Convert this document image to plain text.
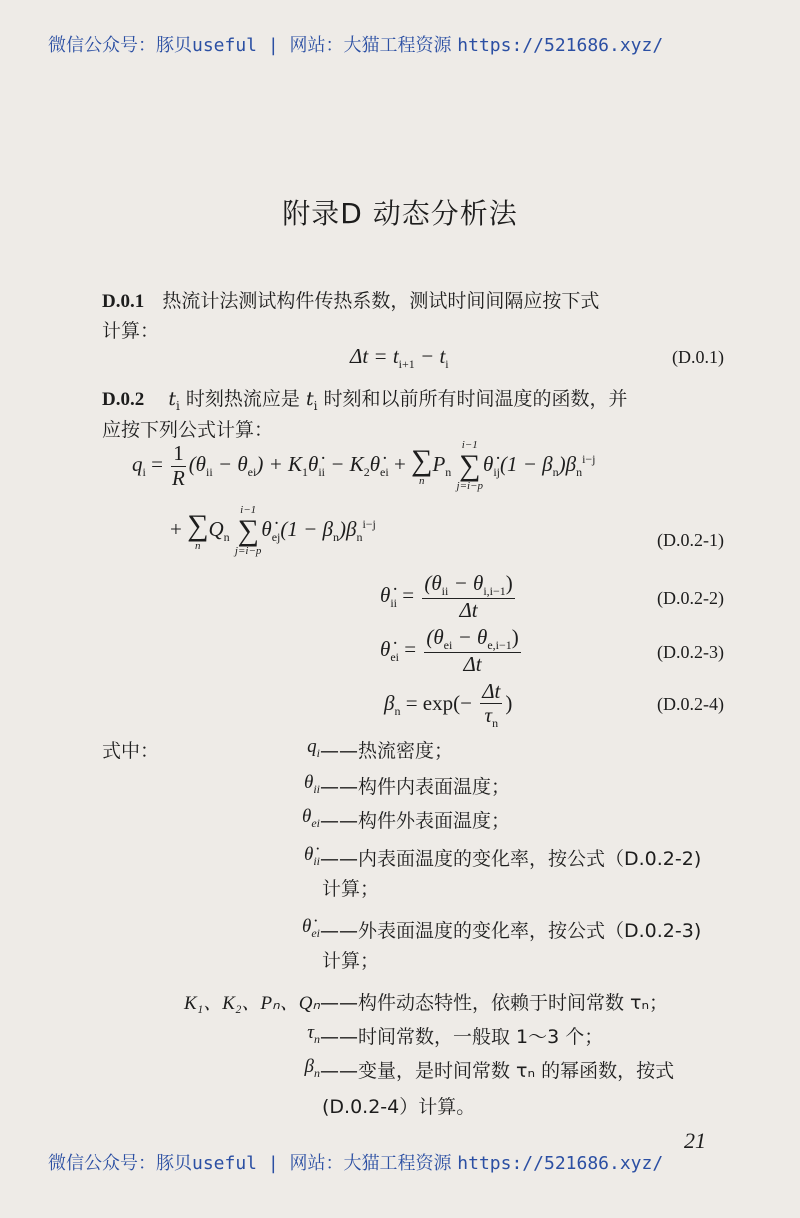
微信公众号：豚贝useful | 网站：大猫工程资源 https://521686.xyz/
附录D 动态分析法
D.0.1 热流计法测试构件传热系数，测试时间间隔应按下式
计算：
$\Delta t = t_{i+1} - t_i$	(D.0.1)
D.0.2 $t_i$ 时刻热流应是 $t_i$ 时刻和以前所有时间温度的函数，并
应按下列公式计算：
$q_i = \frac{1}{R} (\theta_{ii} - \theta_{ei})$ + $K_1\thetȧ_{ii}$ − $K_2\thetȧ_{ei}$ + ∑
n
$P_n$
i−1
∑
j=i−p
$\thetȧ_{ij}(1 - \beta_n)\beta_n^{i-j}$
+ ∑
n
$Q_n$
i−1
∑
j=i−p
$\thetȧ_{ej}(1 - \beta_n)\beta_n^{i-j}$
(D.0.2-1)
$\thetȧ_{ii} = \frac{(\theta_{ii} - \theta_{i,i-1})}{\Delta t}$	(D.0.2-2)
$\thetȧ_{ei} = \frac{(\theta_{ei} - \theta_{e,i-1})}{\Delta t}$	(D.0.2-3)
$\beta_n = \exp(- \frac{\Delta t}{\tau_n}$ )	(D.0.2-4)
式中：	$q_i$ ——热流密度；
$\theta_{ii}$ ——构件内表面温度；
$\theta_{ei}$ ——构件外表面温度；
$\thetȧ_{ii}$ ——内表面温度的变化率，按公式（D.0.2-2)
计算；
$\thetȧ_{ei}$ ——外表面温度的变化率，按公式（D.0.2-3)
计算；
K₁、K₂、Pₙ、Qₙ ——构件动态特性，依赖于时间常数 τₙ；
$\tau_n$ ——时间常数，一般取 1～3 个；
$\beta_n$ ——变量，是时间常数 τₙ 的幂函数，按式
(D.0.2-4）计算。
21
微信公众号：豚贝useful | 网站：大猫工程资源 https://521686.xyz/
